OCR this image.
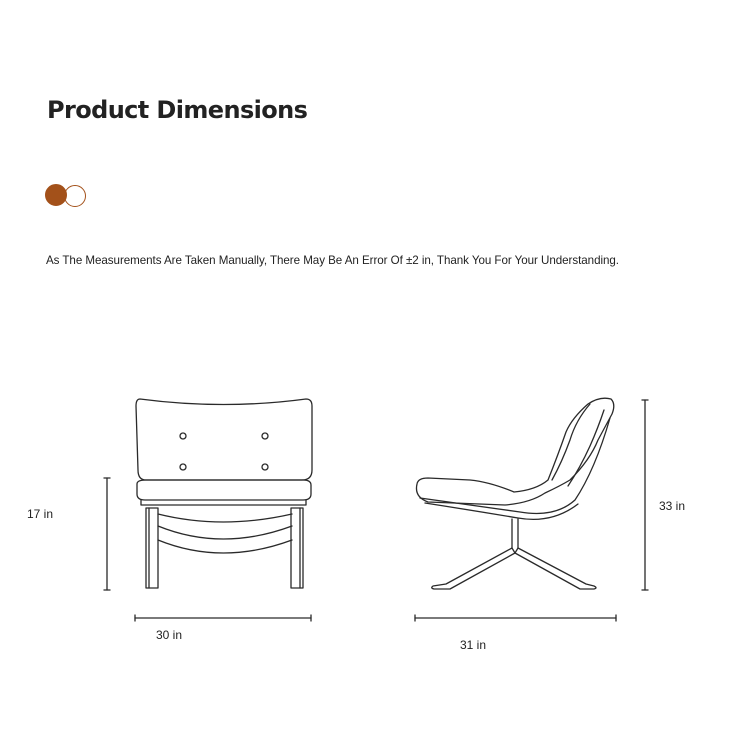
Product Dimensions

As The Measurements Are Taken Manually, There May Be An Error Of ±2 in, Thank You For Your Understanding.

17 in
30 in
33 in
31 in
